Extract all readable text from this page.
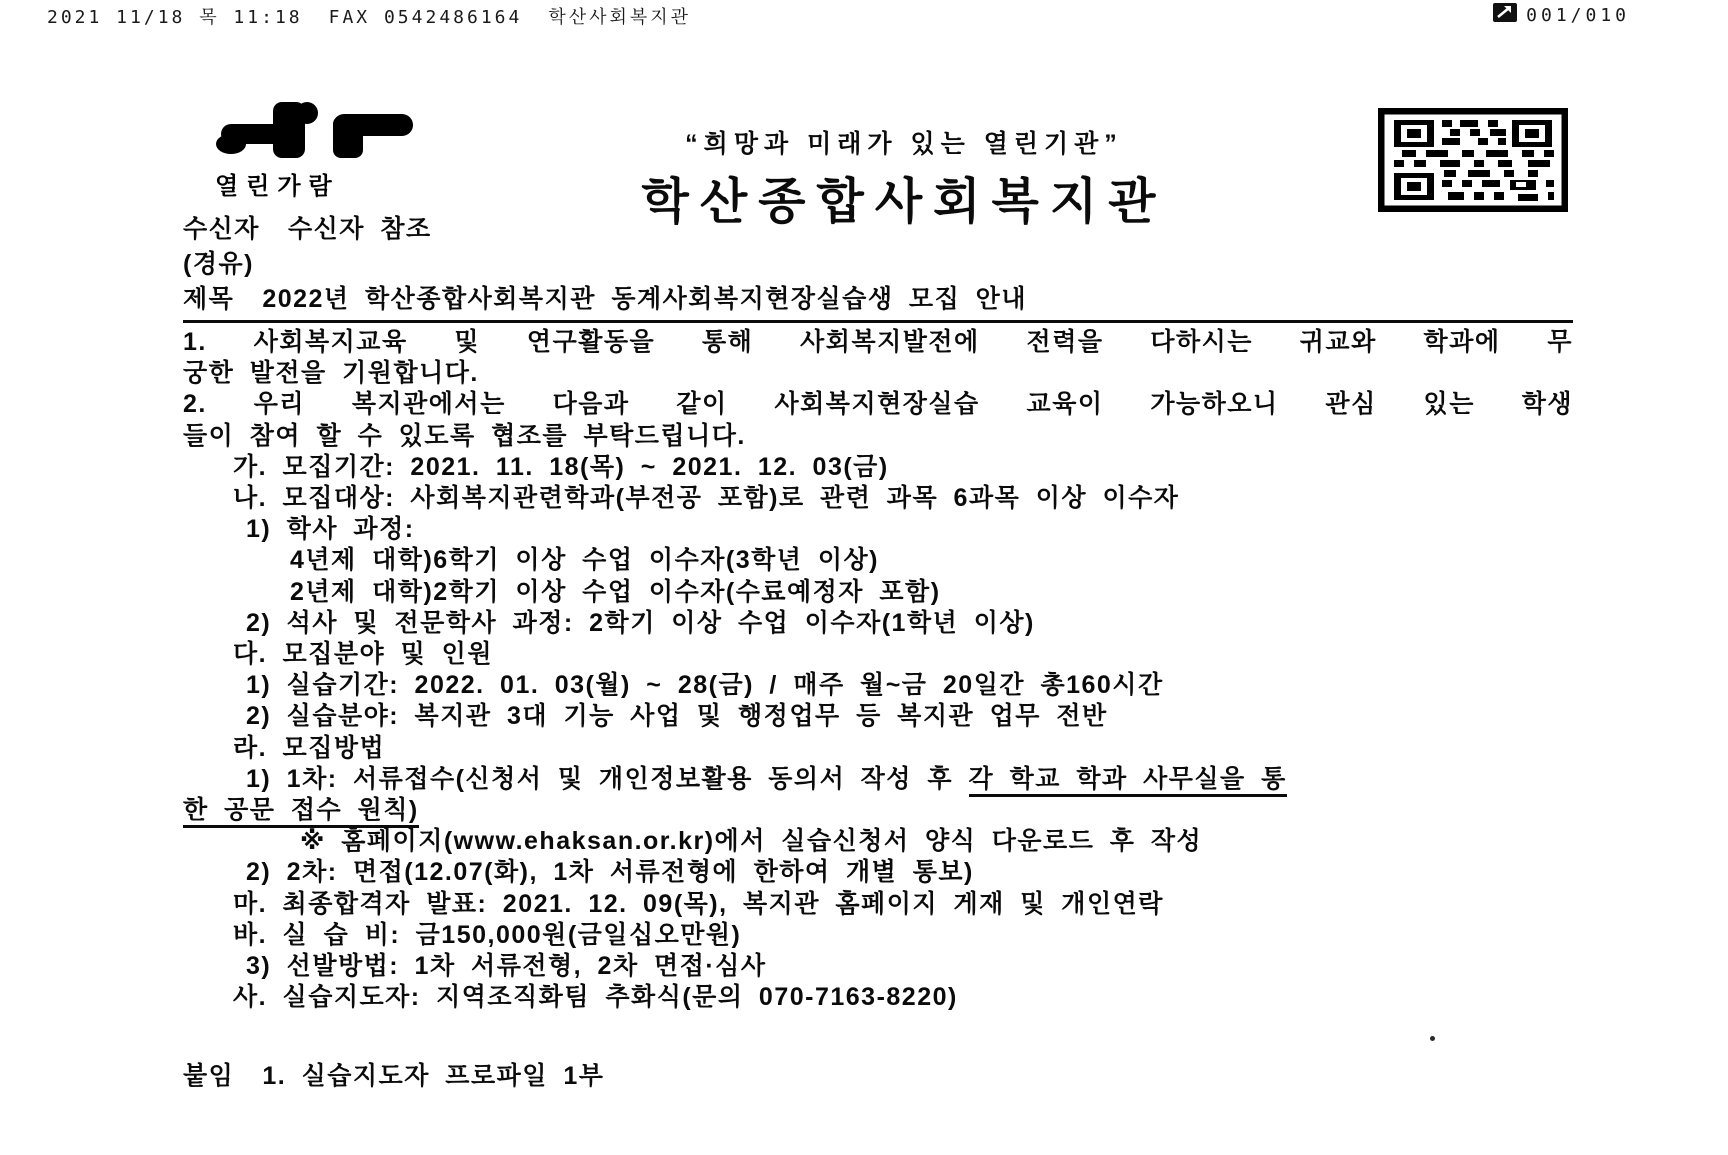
2021 11/18 목 11:18 FAX 0542486164 학산사회복지관	001/010
열린가람
“희망과 미래가 있는 열린기관”
학산종합사회복지관
수신자 수신자 참조
(경유)
제목 2022년 학산종합사회복지관 동계사회복지현장실습생 모집 안내
1. 사회복지교육 및 연구활동을 통해 사회복지발전에 전력을 다하시는 귀교와 학과에 무
궁한 발전을 기원합니다.
2. 우리 복지관에서는 다음과 같이 사회복지현장실습 교육이 가능하오니 관심 있는 학생
들이 참여 할 수 있도록 협조를 부탁드립니다.
가. 모집기간: 2021. 11. 18(목) ~ 2021. 12. 03(금)
나. 모집대상: 사회복지관련학과(부전공 포함)로 관련 과목 6과목 이상 이수자
1) 학사 과정:
4년제 대학)6학기 이상 수업 이수자(3학년 이상)
2년제 대학)2학기 이상 수업 이수자(수료예정자 포함)
2) 석사 및 전문학사 과정: 2학기 이상 수업 이수자(1학년 이상)
다. 모집분야 및 인원
1) 실습기간: 2022. 01. 03(월) ~ 28(금) / 매주 월~금 20일간 총160시간
2) 실습분야: 복지관 3대 기능 사업 및 행정업무 등 복지관 업무 전반
라. 모집방법
1) 1차: 서류접수(신청서 및 개인정보활용 동의서 작성 후 각 학교 학과 사무실을 통
한 공문 접수 원칙)
※ 홈페이지(www.ehaksan.or.kr)에서 실습신청서 양식 다운로드 후 작성
2) 2차: 면접(12.07(화), 1차 서류전형에 한하여 개별 통보)
마. 최종합격자 발표: 2021. 12. 09(목), 복지관 홈페이지 게재 및 개인연락
바. 실 습 비: 금150,000원(금일십오만원)
3) 선발방법: 1차 서류전형, 2차 면접·심사
사. 실습지도자: 지역조직화팀 추화식(문의 070-7163-8220)
붙임 1. 실습지도자 프로파일 1부
